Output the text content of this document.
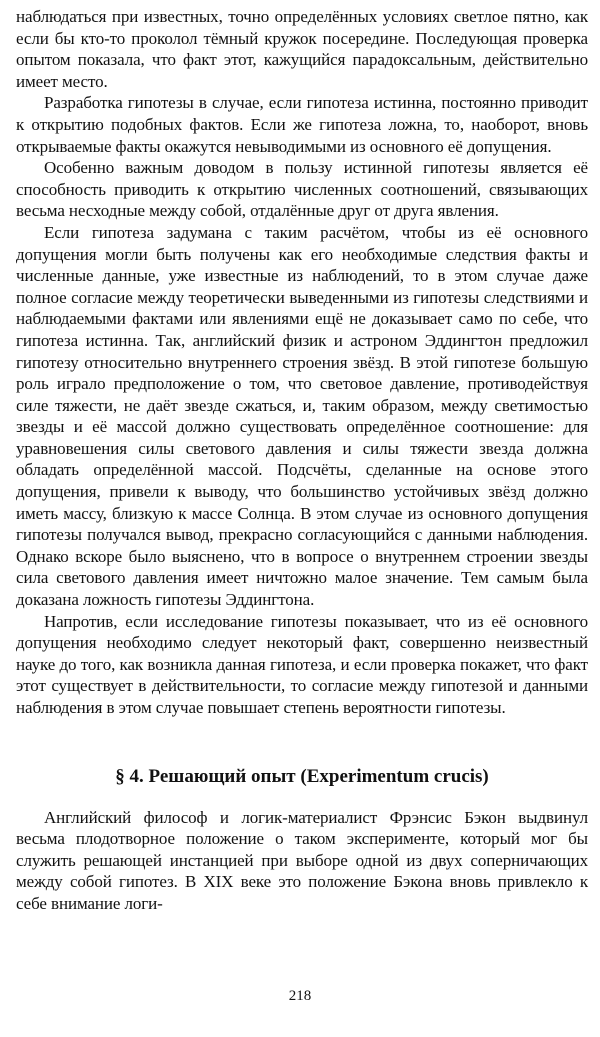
наблюдаться при известных, точно определённых условиях светлое пятно, как если бы кто-то проколол тёмный кружок посередине. Последующая проверка опытом показала, что факт этот, кажущийся парадоксальным, действительно имеет место.

Разработка гипотезы в случае, если гипотеза истинна, постоянно приводит к открытию подобных фактов. Если же гипотеза ложна, то, наоборот, вновь открываемые факты окажутся невыводимыми из основного её допущения.

Особенно важным доводом в пользу истинной гипотезы является её способность приводить к открытию численных соотношений, связывающих весьма несходные между собой, отдалённые друг от друга явления.

Если гипотеза задумана с таким расчётом, чтобы из её основного допущения могли быть получены как его необходимые следствия факты и численные данные, уже известные из наблюдений, то в этом случае даже полное согласие между теоретически выведенными из гипотезы следствиями и наблюдаемыми фактами или явлениями ещё не доказывает само по себе, что гипотеза истинна. Так, английский физик и астроном Эддингтон предложил гипотезу относительно внутреннего строения звёзд. В этой гипотезе большую роль играло предположение о том, что световое давление, противодействуя силе тяжести, не даёт звезде сжаться, и, таким образом, между светимостью звезды и её массой должно существовать определённое соотношение: для уравновешения силы светового давления и силы тяжести звезда должна обладать определённой массой. Подсчёты, сделанные на основе этого допущения, привели к выводу, что большинство устойчивых звёзд должно иметь массу, близкую к массе Солнца. В этом случае из основного допущения гипотезы получался вывод, прекрасно согласующийся с данными наблюдения. Однако вскоре было выяснено, что в вопросе о внутреннем строении звезды сила светового давления имеет ничтожно малое значение. Тем самым была доказана ложность гипотезы Эддингтона.

Напротив, если исследование гипотезы показывает, что из её основного допущения необходимо следует некоторый факт, совершенно неизвестный науке до того, как возникла данная гипотеза, и если проверка покажет, что факт этот существует в действительности, то согласие между гипотезой и данными наблюдения в этом случае повышает степень вероятности гипотезы.

§ 4. Решающий опыт (Experimentum crucis)

Английский философ и логик-материалист Фрэнсис Бэкон выдвинул весьма плодотворное положение о таком эксперименте, который мог бы служить решающей инстанцией при выборе одной из двух соперничающих между собой гипотез. В XIX веке это положение Бэкона вновь привлекло к себе внимание логи-

218
